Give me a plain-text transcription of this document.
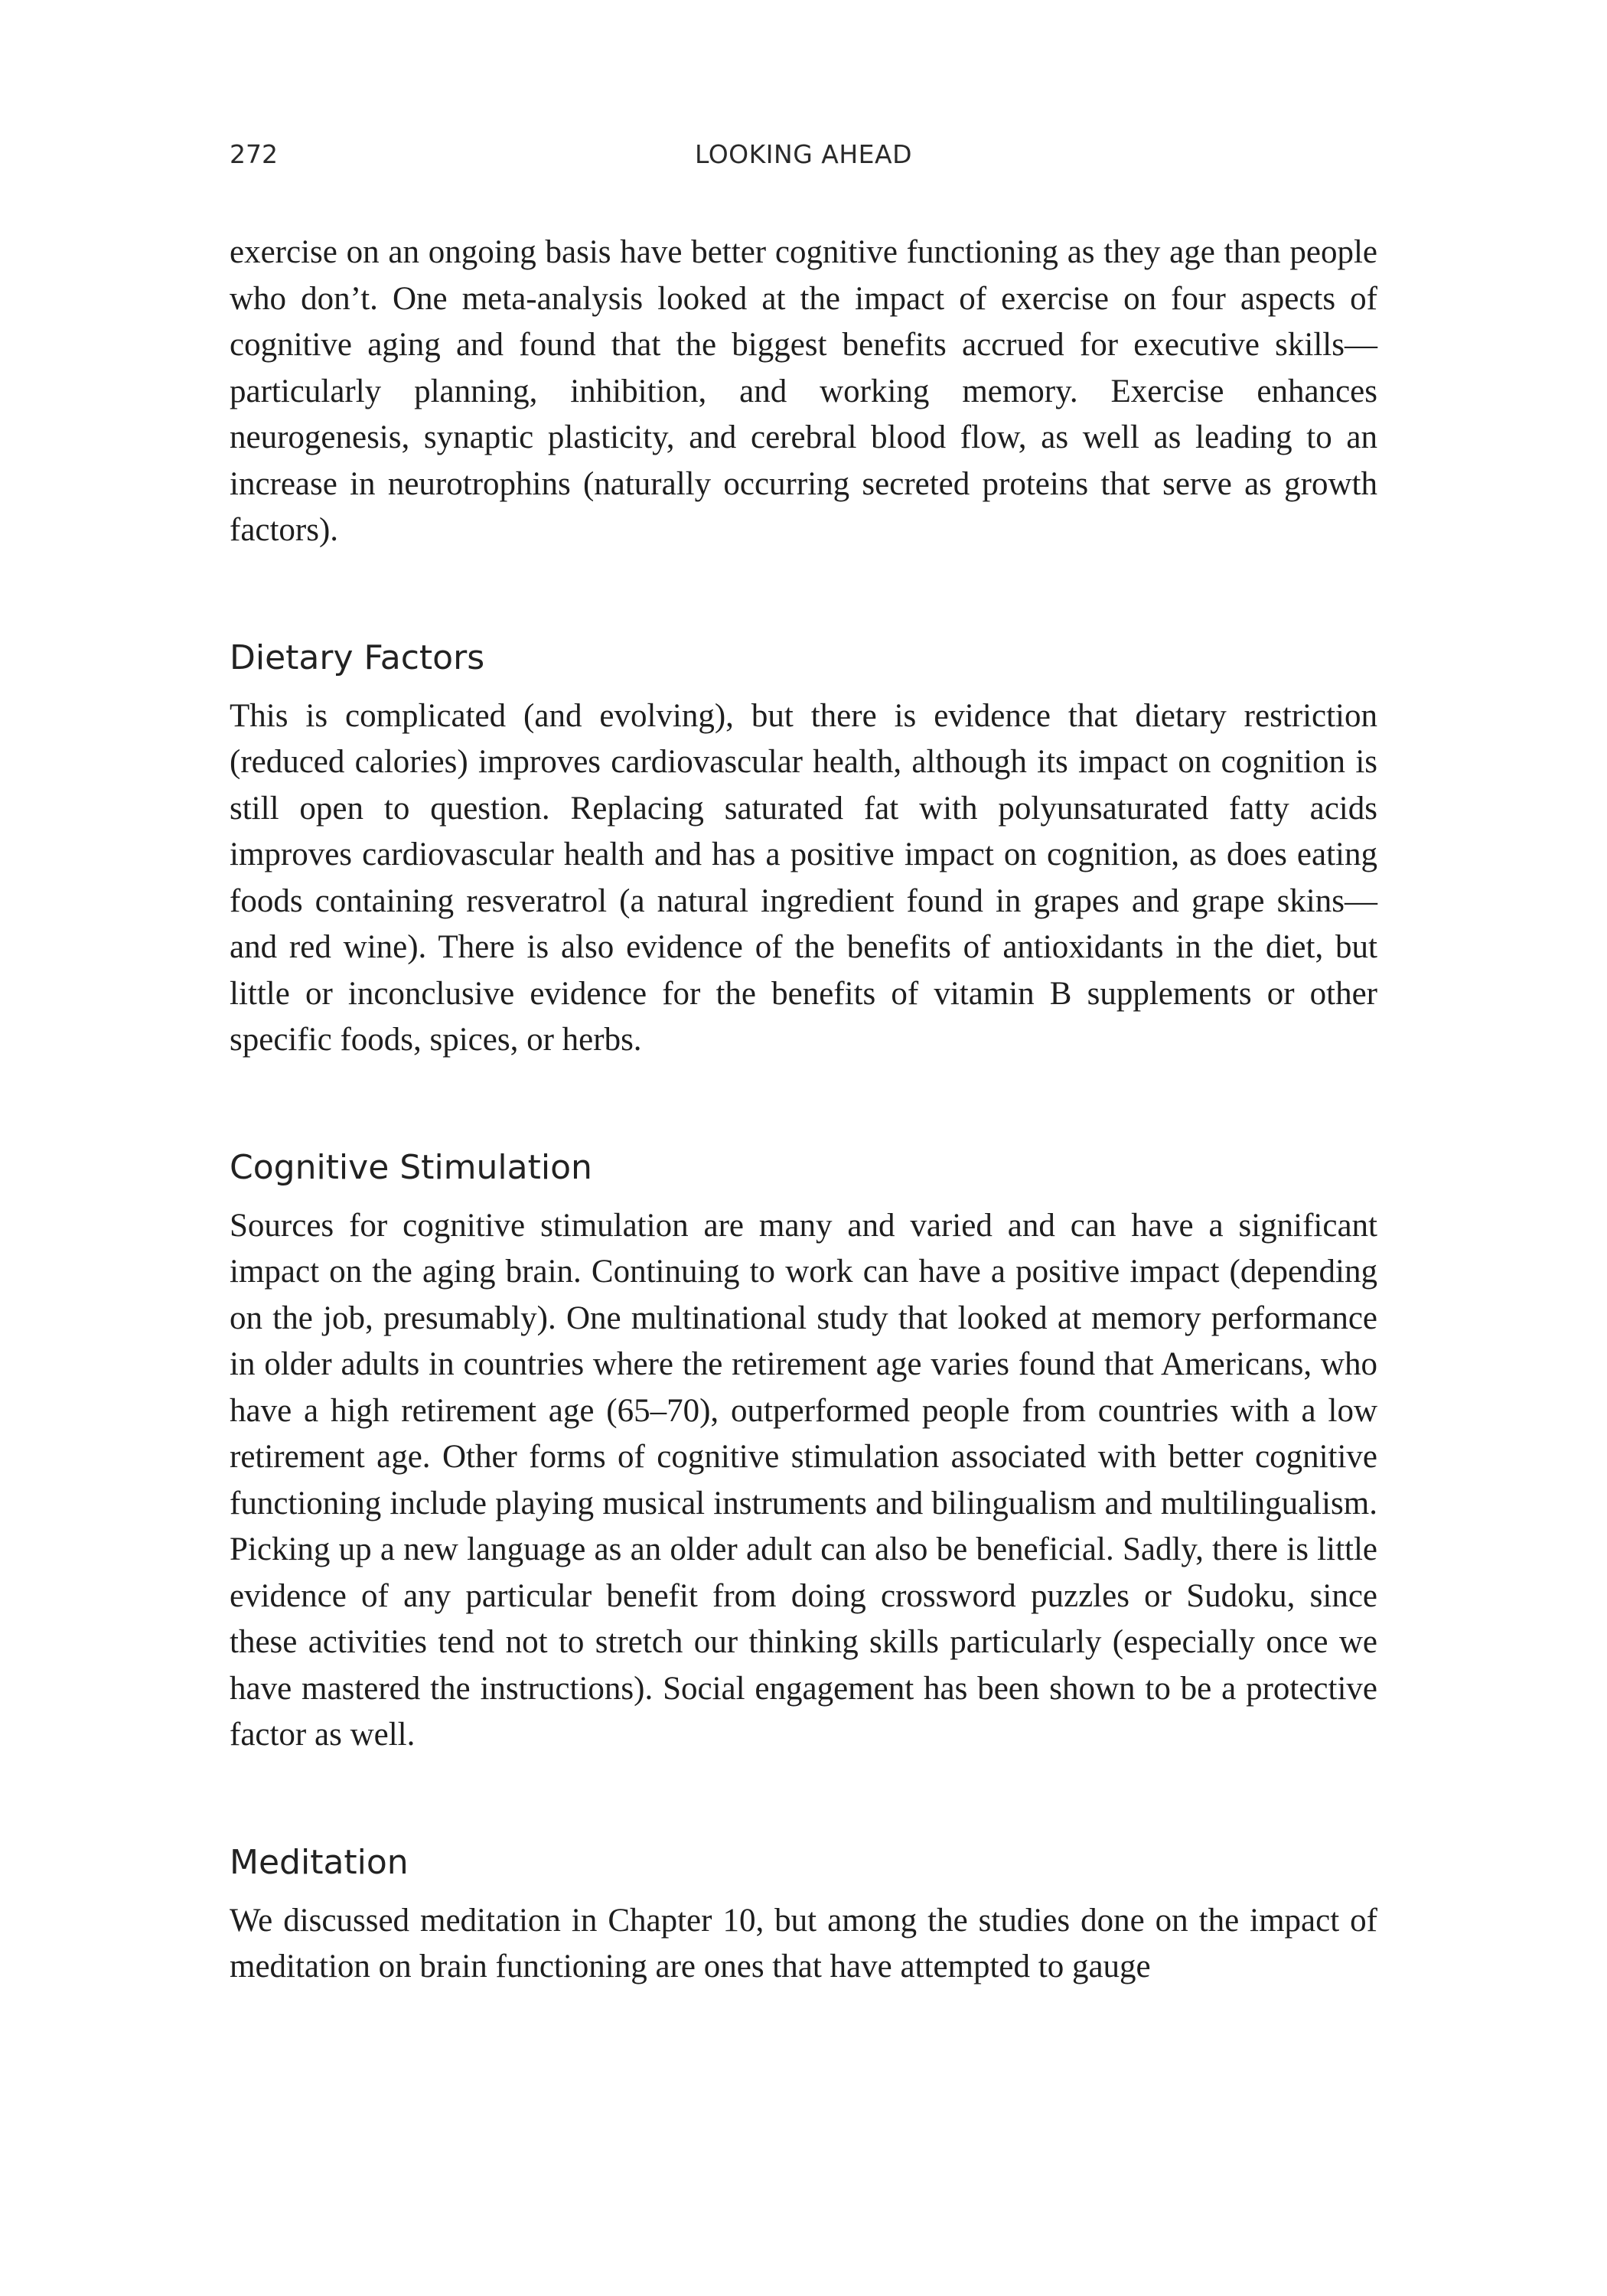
272	LOOKING AHEAD

exercise on an ongoing basis have better cognitive functioning as they age than people who don’t. One meta-analysis looked at the impact of exercise on four aspects of cognitive aging and found that the biggest benefits accrued for executive skills—particularly planning, inhibition, and working memory. Exercise enhances neurogenesis, synaptic plasticity, and cerebral blood flow, as well as leading to an increase in neurotrophins (naturally occurring secreted proteins that serve as growth factors).

Dietary Factors

This is complicated (and evolving), but there is evidence that dietary restriction (reduced calories) improves cardiovascular health, although its impact on cognition is still open to question. Replacing saturated fat with polyunsaturated fatty acids improves cardiovascular health and has a positive impact on cognition, as does eating foods containing resveratrol (a natural ingredient found in grapes and grape skins—and red wine). There is also evidence of the benefits of antioxidants in the diet, but little or inconclusive evidence for the benefits of vitamin B supplements or other specific foods, spices, or herbs.

Cognitive Stimulation

Sources for cognitive stimulation are many and varied and can have a significant impact on the aging brain. Continuing to work can have a positive impact (depending on the job, presumably). One multinational study that looked at memory performance in older adults in countries where the retirement age varies found that Americans, who have a high retirement age (65–70), outperformed people from countries with a low retirement age. Other forms of cognitive stimulation associated with better cognitive functioning include playing musical instruments and bilingualism and multilingualism. Picking up a new language as an older adult can also be beneficial. Sadly, there is little evidence of any particular benefit from doing crossword puzzles or Sudoku, since these activities tend not to stretch our thinking skills particularly (especially once we have mastered the instructions). Social engagement has been shown to be a protective factor as well.

Meditation

We discussed meditation in Chapter 10, but among the studies done on the impact of meditation on brain functioning are ones that have attempted to gauge
